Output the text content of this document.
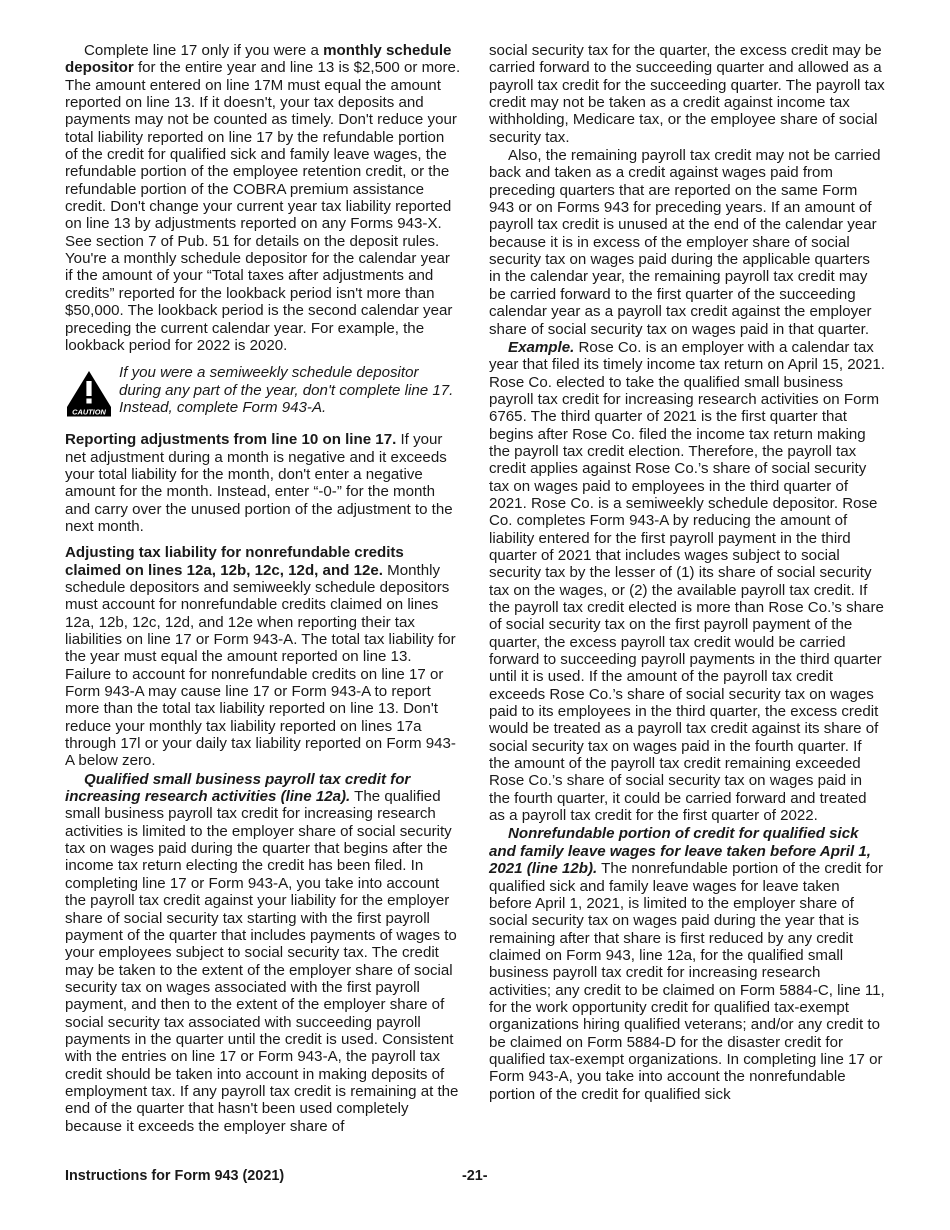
Complete line 17 only if you were a monthly schedule depositor for the entire year and line 13 is $2,500 or more. The amount entered on line 17M must equal the amount reported on line 13. If it doesn't, your tax deposits and payments may not be counted as timely. Don't reduce your total liability reported on line 17 by the refundable portion of the credit for qualified sick and family leave wages, the refundable portion of the employee retention credit, or the refundable portion of the COBRA premium assistance credit. Don't change your current year tax liability reported on line 13 by adjustments reported on any Forms 943-X. See section 7 of Pub. 51 for details on the deposit rules. You're a monthly schedule depositor for the calendar year if the amount of your “Total taxes after adjustments and credits” reported for the lookback period isn't more than $50,000. The lookback period is the second calendar year preceding the current calendar year. For example, the lookback period for 2022 is 2020.

CAUTION
If you were a semiweekly schedule depositor during any part of the year, don't complete line 17. Instead, complete Form 943-A.

Reporting adjustments from line 10 on line 17. If your net adjustment during a month is negative and it exceeds your total liability for the month, don't enter a negative amount for the month. Instead, enter “-0-” for the month and carry over the unused portion of the adjustment to the next month.

Adjusting tax liability for nonrefundable credits claimed on lines 12a, 12b, 12c, 12d, and 12e. Monthly schedule depositors and semiweekly schedule depositors must account for nonrefundable credits claimed on lines 12a, 12b, 12c, 12d, and 12e when reporting their tax liabilities on line 17 or Form 943-A. The total tax liability for the year must equal the amount reported on line 13. Failure to account for nonrefundable credits on line 17 or Form 943-A may cause line 17 or Form 943-A to report more than the total tax liability reported on line 13. Don't reduce your monthly tax liability reported on lines 17a through 17l or your daily tax liability reported on Form 943-A below zero.

Qualified small business payroll tax credit for increasing research activities (line 12a). The qualified small business payroll tax credit for increasing research activities is limited to the employer share of social security tax on wages paid during the quarter that begins after the income tax return electing the credit has been filed. In completing line 17 or Form 943-A, you take into account the payroll tax credit against your liability for the employer share of social security tax starting with the first payroll payment of the quarter that includes payments of wages to your employees subject to social security tax. The credit may be taken to the extent of the employer share of social security tax on wages associated with the first payroll payment, and then to the extent of the employer share of social security tax associated with succeeding payroll payments in the quarter until the credit is used. Consistent with the entries on line 17 or Form 943-A, the payroll tax credit should be taken into account in making deposits of employment tax. If any payroll tax credit is remaining at the end of the quarter that hasn't been used completely because it exceeds the employer share of

social security tax for the quarter, the excess credit may be carried forward to the succeeding quarter and allowed as a payroll tax credit for the succeeding quarter. The payroll tax credit may not be taken as a credit against income tax withholding, Medicare tax, or the employee share of social security tax.

Also, the remaining payroll tax credit may not be carried back and taken as a credit against wages paid from preceding quarters that are reported on the same Form 943 or on Forms 943 for preceding years. If an amount of payroll tax credit is unused at the end of the calendar year because it is in excess of the employer share of social security tax on wages paid during the applicable quarters in the calendar year, the remaining payroll tax credit may be carried forward to the first quarter of the succeeding calendar year as a payroll tax credit against the employer share of social security tax on wages paid in that quarter.

Example. Rose Co. is an employer with a calendar tax year that filed its timely income tax return on April 15, 2021. Rose Co. elected to take the qualified small business payroll tax credit for increasing research activities on Form 6765. The third quarter of 2021 is the first quarter that begins after Rose Co. filed the income tax return making the payroll tax credit election. Therefore, the payroll tax credit applies against Rose Co.’s share of social security tax on wages paid to employees in the third quarter of 2021. Rose Co. is a semiweekly schedule depositor. Rose Co. completes Form 943-A by reducing the amount of liability entered for the first payroll payment in the third quarter of 2021 that includes wages subject to social security tax by the lesser of (1) its share of social security tax on the wages, or (2) the available payroll tax credit. If the payroll tax credit elected is more than Rose Co.’s share of social security tax on the first payroll payment of the quarter, the excess payroll tax credit would be carried forward to succeeding payroll payments in the third quarter until it is used. If the amount of the payroll tax credit exceeds Rose Co.’s share of social security tax on wages paid to its employees in the third quarter, the excess credit would be treated as a payroll tax credit against its share of social security tax on wages paid in the fourth quarter. If the amount of the payroll tax credit remaining exceeded Rose Co.’s share of social security tax on wages paid in the fourth quarter, it could be carried forward and treated as a payroll tax credit for the first quarter of 2022.

Nonrefundable portion of credit for qualified sick and family leave wages for leave taken before April 1, 2021 (line 12b). The nonrefundable portion of the credit for qualified sick and family leave wages for leave taken before April 1, 2021, is limited to the employer share of social security tax on wages paid during the year that is remaining after that share is first reduced by any credit claimed on Form 943, line 12a, for the qualified small business payroll tax credit for increasing research activities; any credit to be claimed on Form 5884-C, line 11, for the work opportunity credit for qualified tax-exempt organizations hiring qualified veterans; and/or any credit to be claimed on Form 5884-D for the disaster credit for qualified tax-exempt organizations. In completing line 17 or Form 943-A, you take into account the nonrefundable portion of the credit for qualified sick

Instructions for Form 943 (2021)	-21-
